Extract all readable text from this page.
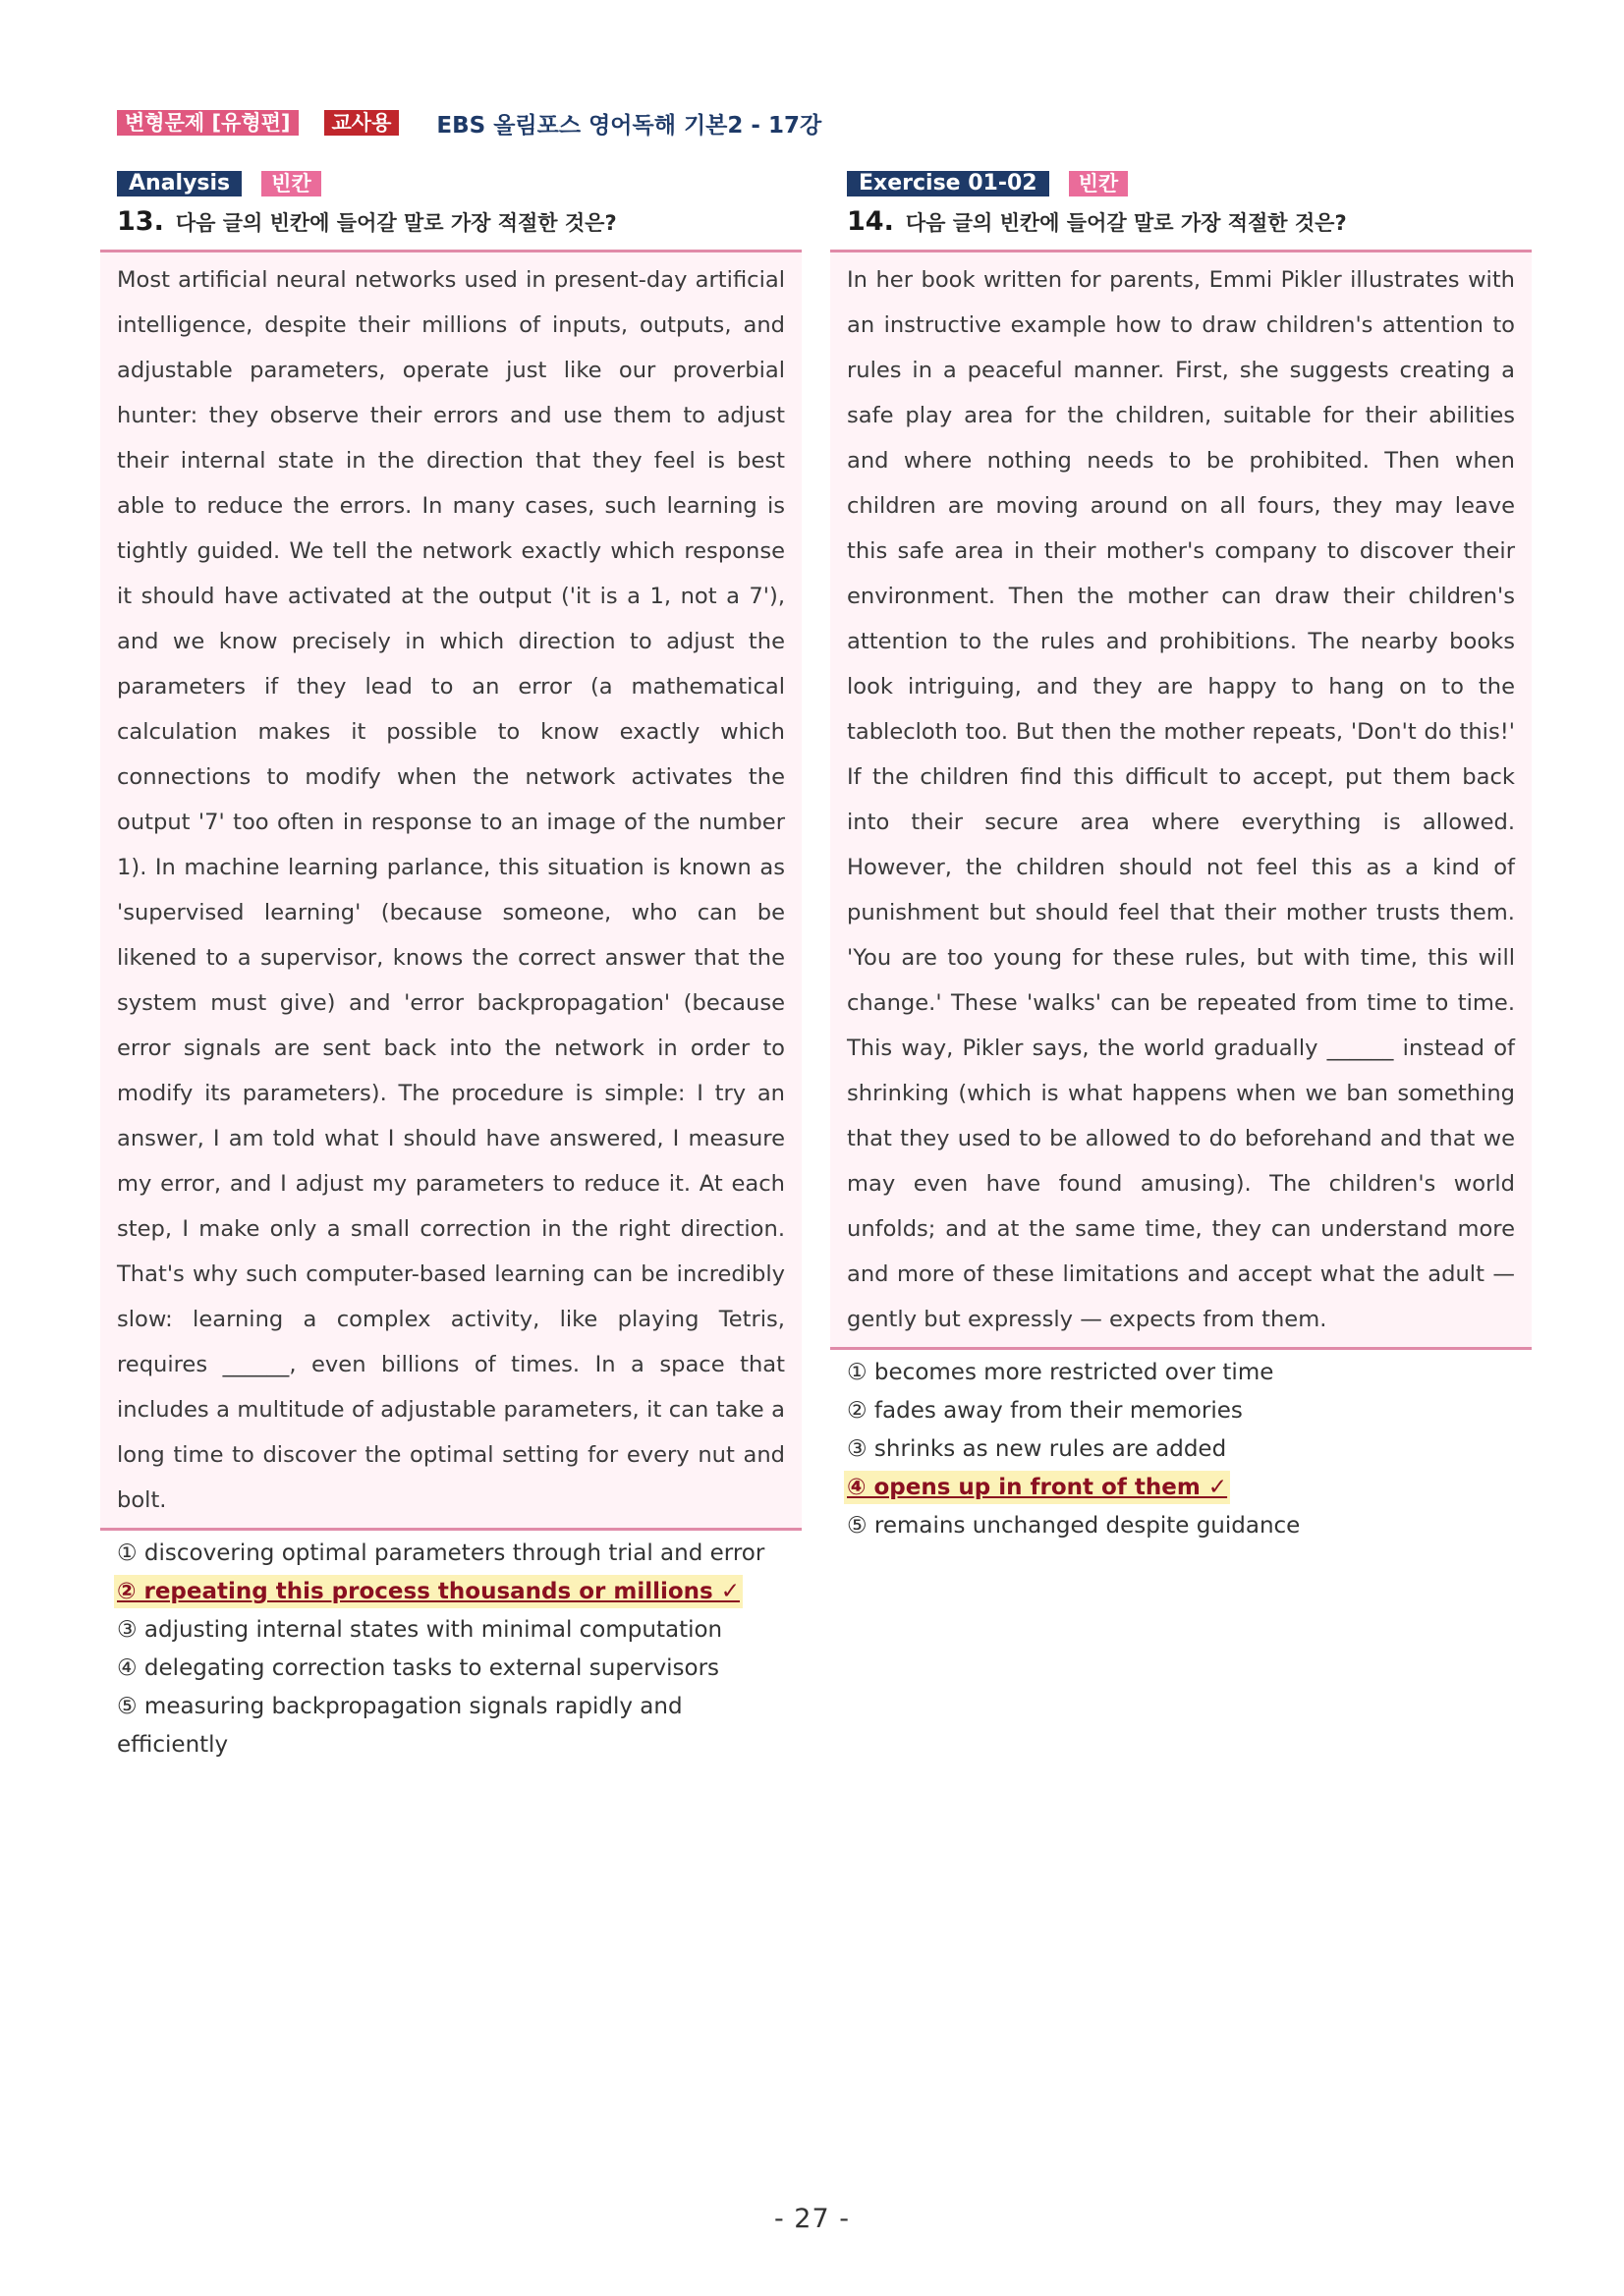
변형문제 [유형편]	교사용	EBS 올림포스 영어독해 기본2 - 17강
Analysis	빈칸
13. 다음 글의 빈칸에 들어갈 말로 가장 적절한 것은?
Most artificial neural networks used in present-day artificial intelligence, despite their millions of inputs, outputs, and adjustable parameters, operate just like our proverbial hunter: they observe their errors and use them to adjust their internal state in the direction that they feel is best able to reduce the errors. In many cases, such learning is tightly guided. We tell the network exactly which response it should have activated at the output ('it is a 1, not a 7'), and we know precisely in which direction to adjust the parameters if they lead to an error (a mathematical calculation makes it possible to know exactly which connections to modify when the network activates the output '7' too often in response to an image of the number 1). In machine learning parlance, this situation is known as 'supervised learning' (because someone, who can be likened to a supervisor, knows the correct answer that the system must give) and 'error backpropagation' (because error signals are sent back into the network in order to modify its parameters). The procedure is simple: I try an answer, I am told what I should have answered, I measure my error, and I adjust my parameters to reduce it. At each step, I make only a small correction in the right direction. That's why such computer-based learning can be incredibly slow: learning a complex activity, like playing Tetris, requires ______, even billions of times. In a space that includes a multitude of adjustable parameters, it can take a long time to discover the optimal setting for every nut and bolt.
① discovering optimal parameters through trial and error
② repeating this process thousands or millions ✓
③ adjusting internal states with minimal computation
④ delegating correction tasks to external supervisors
⑤ measuring backpropagation signals rapidly and efficiently
Exercise 01-02	빈칸
14. 다음 글의 빈칸에 들어갈 말로 가장 적절한 것은?
In her book written for parents, Emmi Pikler illustrates with an instructive example how to draw children's attention to rules in a peaceful manner. First, she suggests creating a safe play area for the children, suitable for their abilities and where nothing needs to be prohibited. Then when children are moving around on all fours, they may leave this safe area in their mother's company to discover their environment. Then the mother can draw their children's attention to the rules and prohibitions. The nearby books look intriguing, and they are happy to hang on to the tablecloth too. But then the mother repeats, 'Don't do this!' If the children find this difficult to accept, put them back into their secure area where everything is allowed. However, the children should not feel this as a kind of punishment but should feel that their mother trusts them. 'You are too young for these rules, but with time, this will change.' These 'walks' can be repeated from time to time. This way, Pikler says, the world gradually ______ instead of shrinking (which is what happens when we ban something that they used to be allowed to do beforehand and that we may even have found amusing). The children's world unfolds; and at the same time, they can understand more and more of these limitations and accept what the adult — gently but expressly — expects from them.
① becomes more restricted over time
② fades away from their memories
③ shrinks as new rules are added
④ opens up in front of them ✓
⑤ remains unchanged despite guidance
- 27 -
